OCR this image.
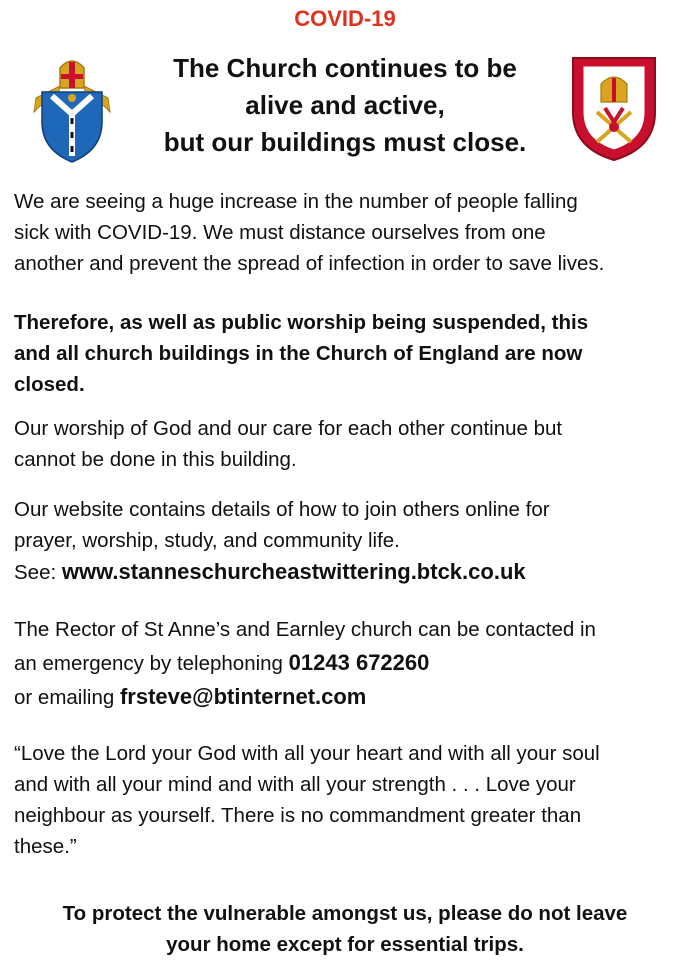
COVID-19
The Church continues to be
alive and active,
but our buildings must close.
We are seeing a huge increase in the number of people falling
sick with COVID-19. We must distance ourselves from one
another and prevent the spread of infection in order to save lives.
Therefore, as well as public worship being suspended, this
and all church buildings in the Church of England are now
closed.
Our worship of God and our care for each other continue but
cannot be done in this building.
Our website contains details of how to join others online for
prayer, worship, study, and community life.
See: www.stanneschurcheastwittering.btck.co.uk
The Rector of St Anne’s and Earnley church can be contacted in
an emergency by telephoning 01243 672260
or emailing frsteve@btinternet.com
“Love the Lord your God with all your heart and with all your soul
and with all your mind and with all your strength . . . Love your
neighbour as yourself. There is no commandment greater than
these.”
To protect the vulnerable amongst us, please do not leave
your home except for essential trips.
